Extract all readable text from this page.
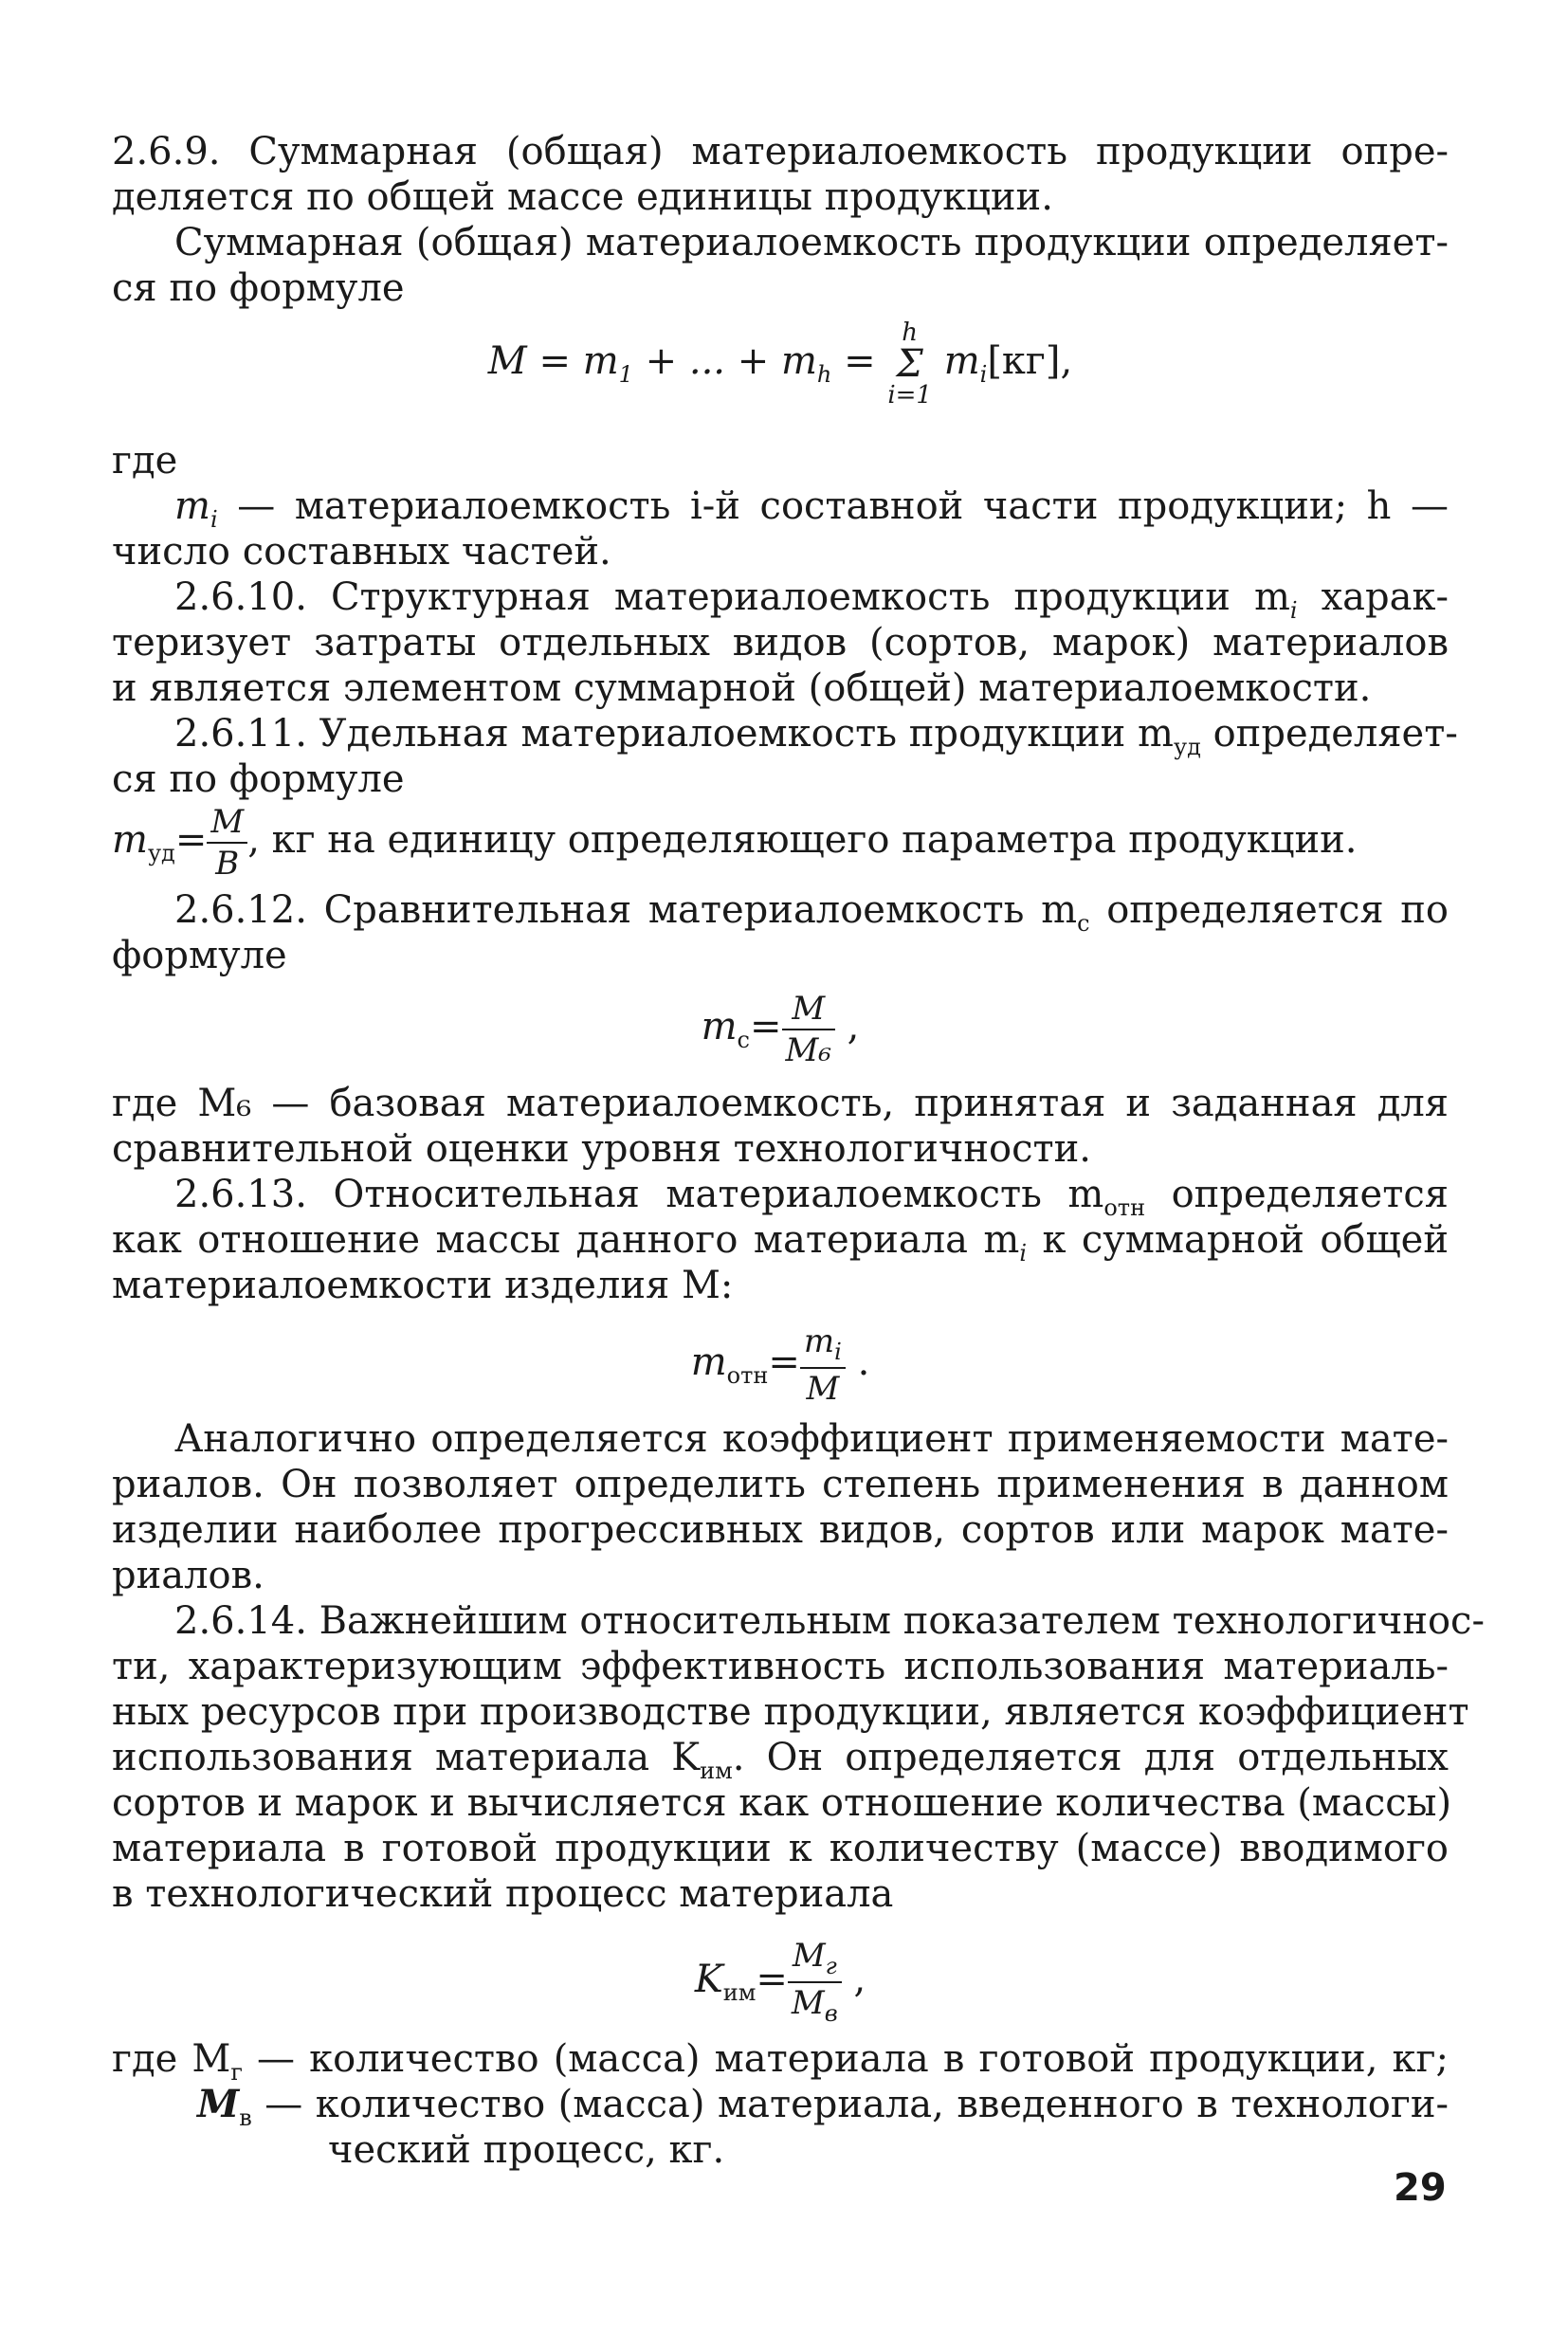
2.6.9. Суммарная (общая) материалоемкость продукции опре-
деляется по общей массе единицы продукции.
Суммарная (общая) материалоемкость продукции определяет-
ся по формуле
$M = m_1$ + ... + $m_h$ =
h
Σ
i=1
$m_i[кг]$,
где
$m_i$ — материалоемкость i-й составной части продукции; h —
число составных частей.
2.6.10. Структурная материалоемкость продукции $m_i$ харак-
теризует затраты отдельных видов (сортов, марок) материалов
и является элементом суммарной (общей) материалоемкости.
2.6.11. Удельная материалоемкость продукции $m_{уд}$ определяет-
ся по формуле
$m_{уд}= \frac{M}{B}$ , кг на единицу определяющего параметра продукции.
2.6.12. Сравнительная материалоемкость $m_с$ определяется по
формуле
$m_с= \frac{M}{\text{M₆}}$ ,
где M₆ — базовая материалоемкость, принятая и заданная для
сравнительной оценки уровня технологичности.
2.6.13. Относительная материалоемкость $m_{отн}$ определяется
как отношение массы данного материала $m_i$ к суммарной общей
материалоемкости изделия M:
$m_{отн}= \frac{m_i}{M}$ .
Аналогично определяется коэффициент применяемости мате-
риалов. Он позволяет определить степень применения в данном
изделии наиболее прогрессивных видов, сортов или марок мате-
риалов.
2.6.14. Важнейшим относительным показателем технологичнос-
ти, характеризующим эффективность использования материаль-
ных ресурсов при производстве продукции, является коэффициент
использования материала $K_{им}$. Он определяется для отдельных
сортов и марок и вычисляется как отношение количества (массы)
материала в готовой продукции к количеству (массе) вводимого
в технологический процесс материала
$K_{им}= \frac{M_г}{M_в}$ ,
где $M_г$ — количество (масса) материала в готовой продукции, кг;
$M_в$ — количество (масса) материала, введенного в технологи-
ческий процесс, кг.
29
